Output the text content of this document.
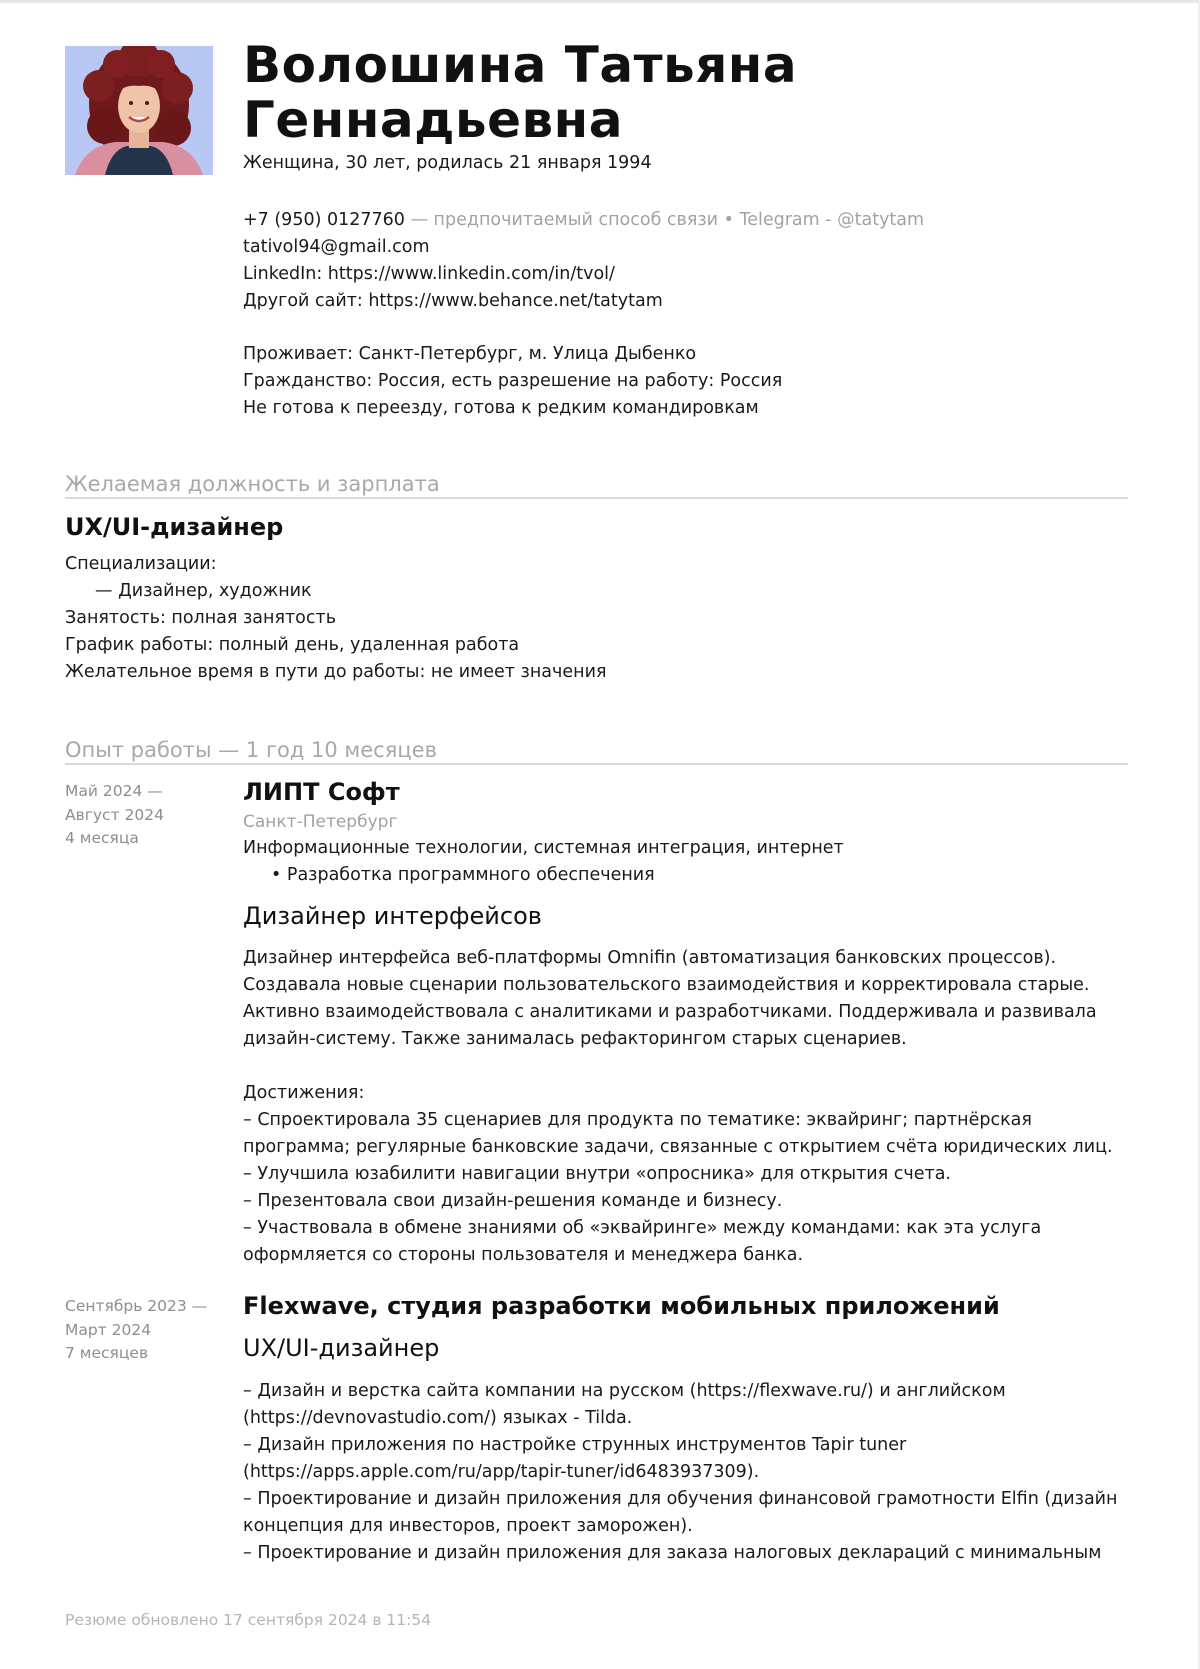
Волошина Татьяна
Геннадьевна
Женщина, 30 лет, родилась 21 января 1994
+7 (950) 0127760 — предпочитаемый способ связи • Telegram - @tatytam
tativol94@gmail.com
LinkedIn: https://www.linkedin.com/in/tvol/
Другой сайт: https://www.behance.net/tatytam
Проживает: Санкт-Петербург, м. Улица Дыбенко
Гражданство: Россия, есть разрешение на работу: Россия
Не готова к переезду, готова к редким командировкам
Желаемая должность и зарплата
UX/UI-дизайнер
Специализации:
— Дизайнер, художник
Занятость: полная занятость
График работы: полный день, удаленная работа
Желательное время в пути до работы: не имеет значения
Опыт работы — 1 год 10 месяцев
Май 2024 —
Август 2024
4 месяца
ЛИПТ Софт
Санкт-Петербург
Информационные технологии, системная интеграция, интернет
• Разработка программного обеспечения
Дизайнер интерфейсов
Дизайнер интерфейса веб-платформы Omnifin (автоматизация банковских процессов).
Создавала новые сценарии пользовательского взаимодействия и корректировала старые.
Активно взаимодействовала с аналитиками и разработчиками. Поддерживала и развивала
дизайн-систему. Также занималась рефакторингом старых сценариев.
Достижения:
– Спроектировала 35 сценариев для продукта по тематике: эквайринг; партнёрская
программа; регулярные банковские задачи, связанные с открытием счёта юридических лиц.
– Улучшила юзабилити навигации внутри «опросника» для открытия счета.
– Презентовала свои дизайн-решения команде и бизнесу.
– Участвовала в обмене знаниями об «эквайринге» между командами: как эта услуга
оформляется со стороны пользователя и менеджера банка.
Сентябрь 2023 —
Март 2024
7 месяцев
Flexwave, студия разработки мобильных приложений
UX/UI-дизайнер
– Дизайн и верстка сайта компании на русском (https://flexwave.ru/) и английском
(https://devnovastudio.com/) языках - Tilda.
– Дизайн приложения по настройке струнных инструментов Tapir tuner
(https://apps.apple.com/ru/app/tapir-tuner/id6483937309).
– Проектирование и дизайн приложения для обучения финансовой грамотности Elfin (дизайн
концепция для инвесторов, проект заморожен).
– Проектирование и дизайн приложения для заказа налоговых деклараций с минимальным
Резюме обновлено 17 сентября 2024 в 11:54
